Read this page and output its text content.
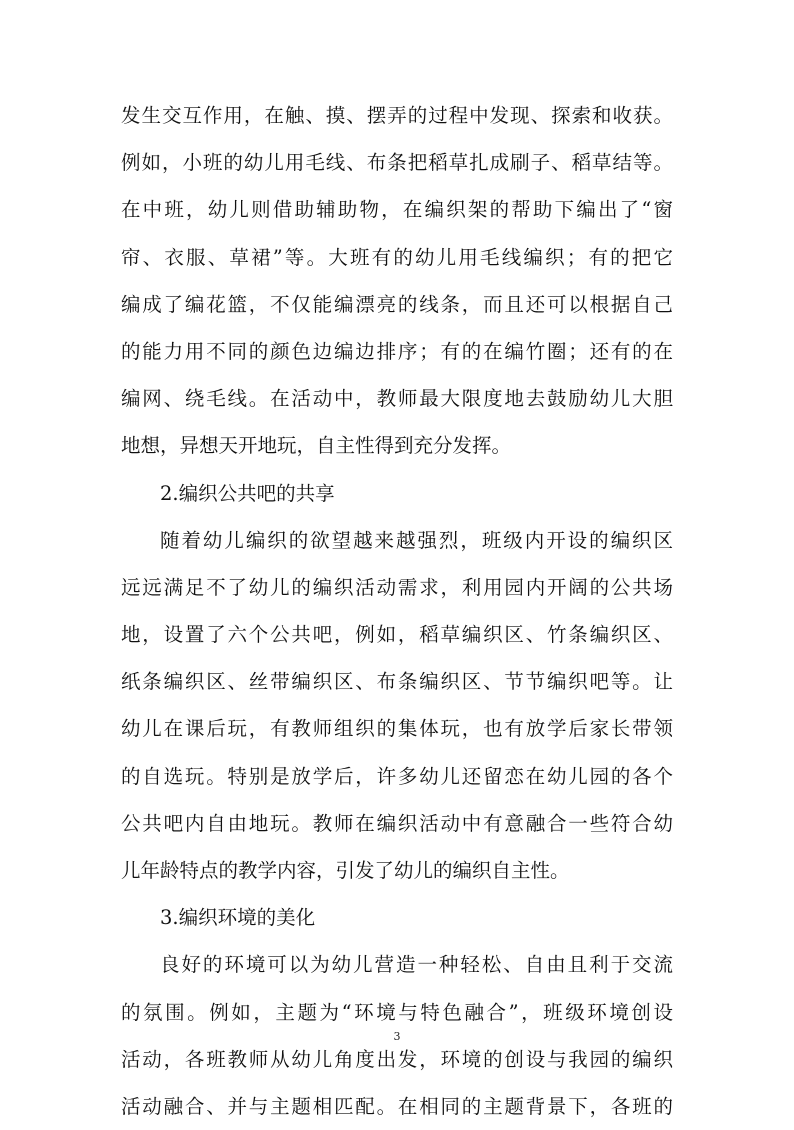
发生交互作用，在触、摸、摆弄的过程中发现、探索和收获。
例如，小班的幼儿用毛线、布条把稻草扎成刷子、稻草结等。
在中班，幼儿则借助辅助物，在编织架的帮助下编出了“窗
帘、衣服、草裙”等。大班有的幼儿用毛线编织；有的把它
编成了编花篮，不仅能编漂亮的线条，而且还可以根据自己
的能力用不同的颜色边编边排序；有的在编竹圈；还有的在
编网、绕毛线。在活动中，教师最大限度地去鼓励幼儿大胆
地想，异想天开地玩，自主性得到充分发挥。
2.编织公共吧的共享
随着幼儿编织的欲望越来越强烈，班级内开设的编织区
远远满足不了幼儿的编织活动需求，利用园内开阔的公共场
地，设置了六个公共吧，例如，稻草编织区、竹条编织区、
纸条编织区、丝带编织区、布条编织区、节节编织吧等。让
幼儿在课后玩，有教师组织的集体玩，也有放学后家长带领
的自选玩。特别是放学后，许多幼儿还留恋在幼儿园的各个
公共吧内自由地玩。教师在编织活动中有意融合一些符合幼
儿年龄特点的教学内容，引发了幼儿的编织自主性。
3.编织环境的美化
良好的环境可以为幼儿营造一种轻松、自由且利于交流
的氛围。例如，主题为“环境与特色融合”，班级环境创设
活动，各班教师从幼儿角度出发，环境的创设与我园的编织
活动融合、并与主题相匹配。在相同的主题背景下，各班的
3
